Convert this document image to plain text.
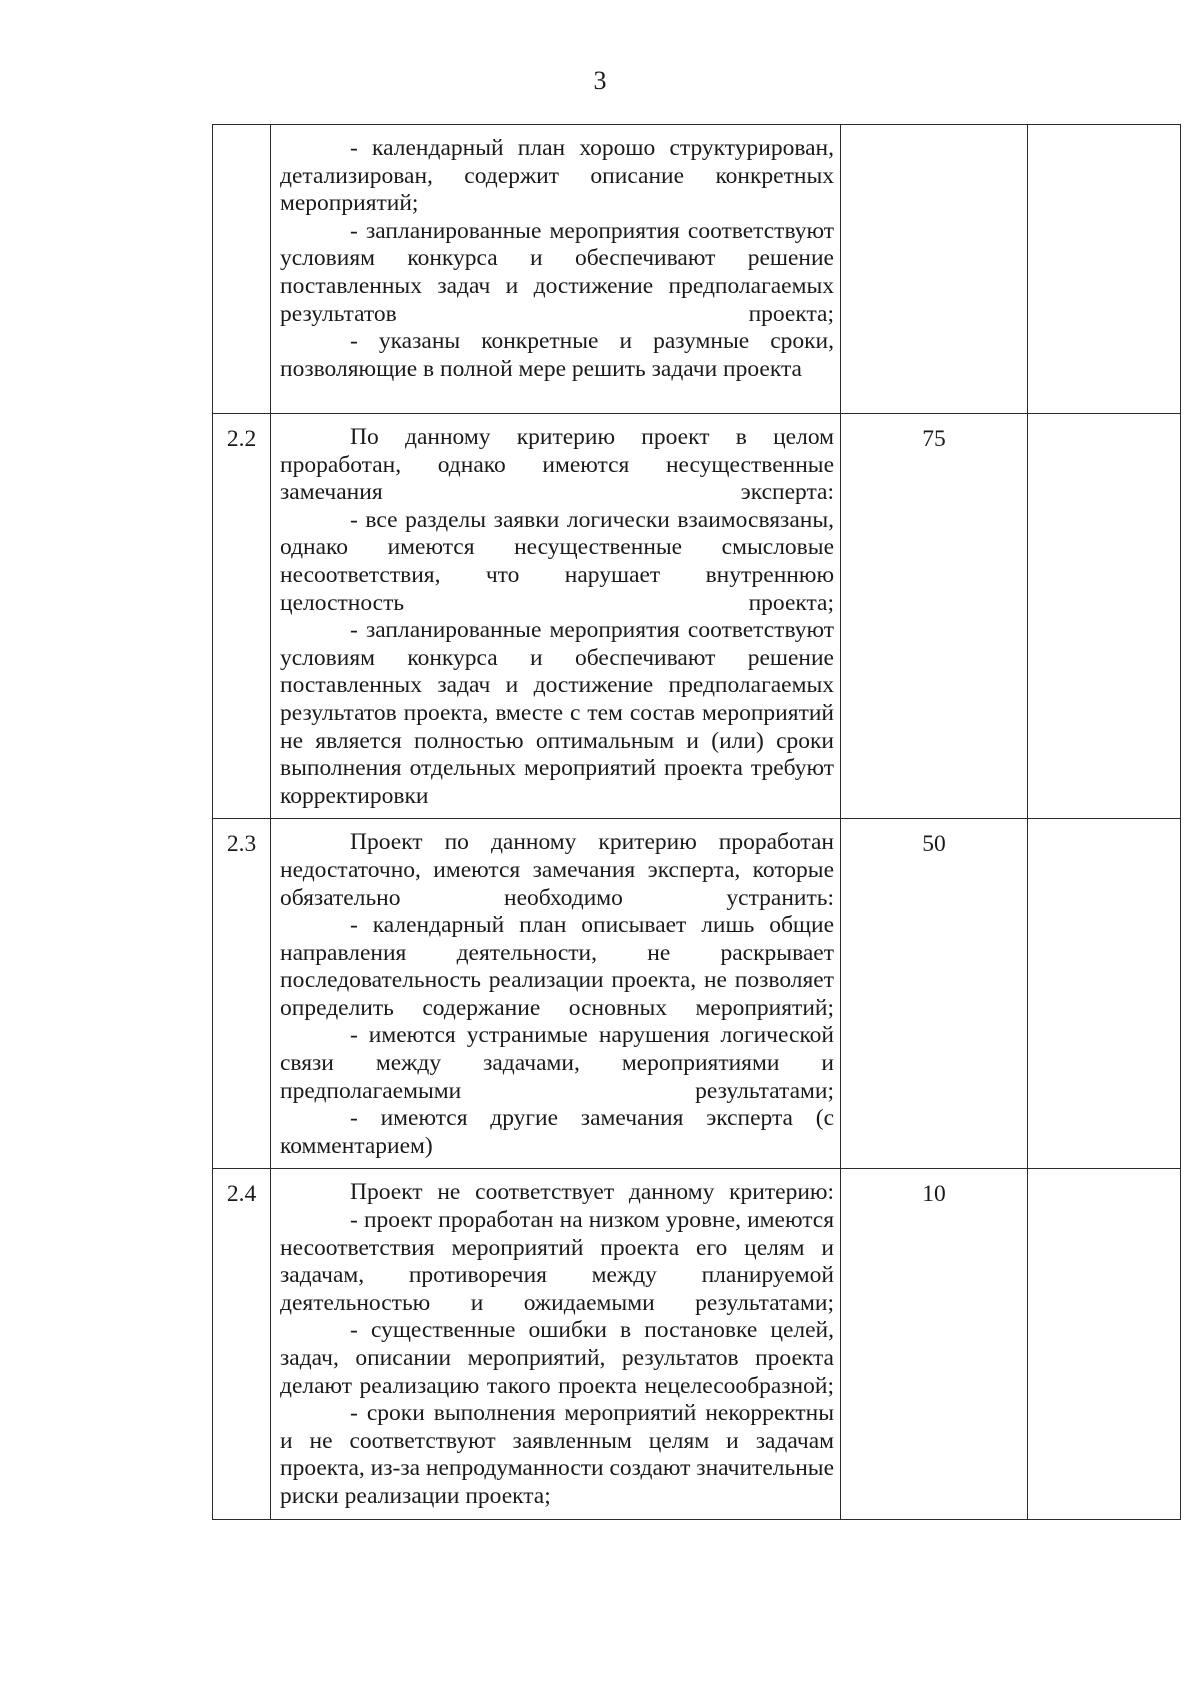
3

	- календарный план хорошо структурирован, детализирован, содержит описание конкретных мероприятий;
- запланированные мероприятия соответствуют условиям конкурса и обеспечивают решение поставленных задач и достижение предполагаемых результатов проекта;
- указаны конкретные и разумные сроки, позволяющие в полной мере решить задачи проекта		

2.2	По данному критерию проект в целом проработан, однако имеются несущественные замечания эксперта:
- все разделы заявки логически взаимосвязаны, однако имеются несущественные смысловые несоответствия, что нарушает внутреннюю целостность проекта;
- запланированные мероприятия соответствуют условиям конкурса и обеспечивают решение поставленных задач и достижение предполагаемых результатов проекта, вместе с тем состав мероприятий не является полностью оптимальным и (или) сроки выполнения отдельных мероприятий проекта требуют корректировки	75	
2.3	Проект по данному критерию проработан недостаточно, имеются замечания эксперта, которые обязательно необходимо устранить:
- календарный план описывает лишь общие направления деятельности, не раскрывает последовательность реализации проекта, не позволяет определить содержание основных мероприятий;
- имеются устранимые нарушения логической связи между задачами, мероприятиями и предполагаемыми результатами;
- имеются другие замечания эксперта (с комментарием)	50	
2.4	Проект не соответствует данному критерию:
- проект проработан на низком уровне, имеются несоответствия мероприятий проекта его целям и задачам, противоречия между планируемой деятельностью и ожидаемыми результатами;
- существенные ошибки в постановке целей, задач, описании мероприятий, результатов проекта делают реализацию такого проекта нецелесообразной;
- сроки выполнения мероприятий некорректны и не соответствуют заявленным целям и задачам проекта, из-за непродуманности создают значительные риски реализации проекта;	10	
